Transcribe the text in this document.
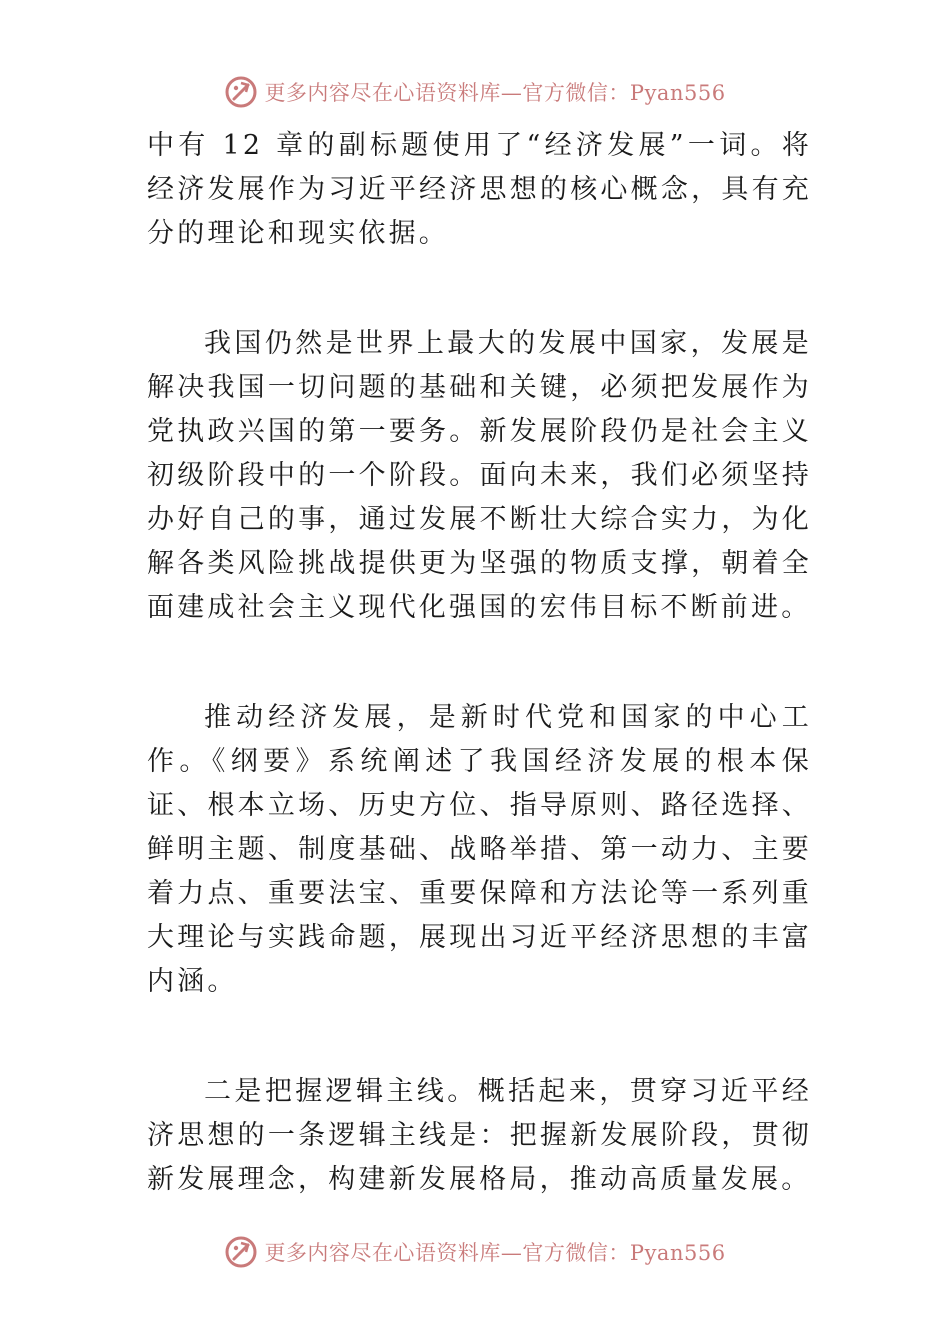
更多内容尽在心语资料库—官方微信：Pyan556

中有 12 章的副标题使用了“经济发展”一词。将经济发展作为习近平经济思想的核心概念，具有充分的理论和现实依据。

我国仍然是世界上最大的发展中国家，发展是解决我国一切问题的基础和关键，必须把发展作为党执政兴国的第一要务。新发展阶段仍是社会主义初级阶段中的一个阶段。面向未来，我们必须坚持办好自己的事，通过发展不断壮大综合实力，为化解各类风险挑战提供更为坚强的物质支撑，朝着全面建成社会主义现代化强国的宏伟目标不断前进。

推动经济发展，是新时代党和国家的中心工作。《纲要》系统阐述了我国经济发展的根本保证、根本立场、历史方位、指导原则、路径选择、鲜明主题、制度基础、战略举措、第一动力、主要着力点、重要法宝、重要保障和方法论等一系列重大理论与实践命题，展现出习近平经济思想的丰富内涵。

二是把握逻辑主线。概括起来，贯穿习近平经济思想的一条逻辑主线是：把握新发展阶段，贯彻新发展理念，构建新发展格局，推动高质量发展。

更多内容尽在心语资料库—官方微信：Pyan556
